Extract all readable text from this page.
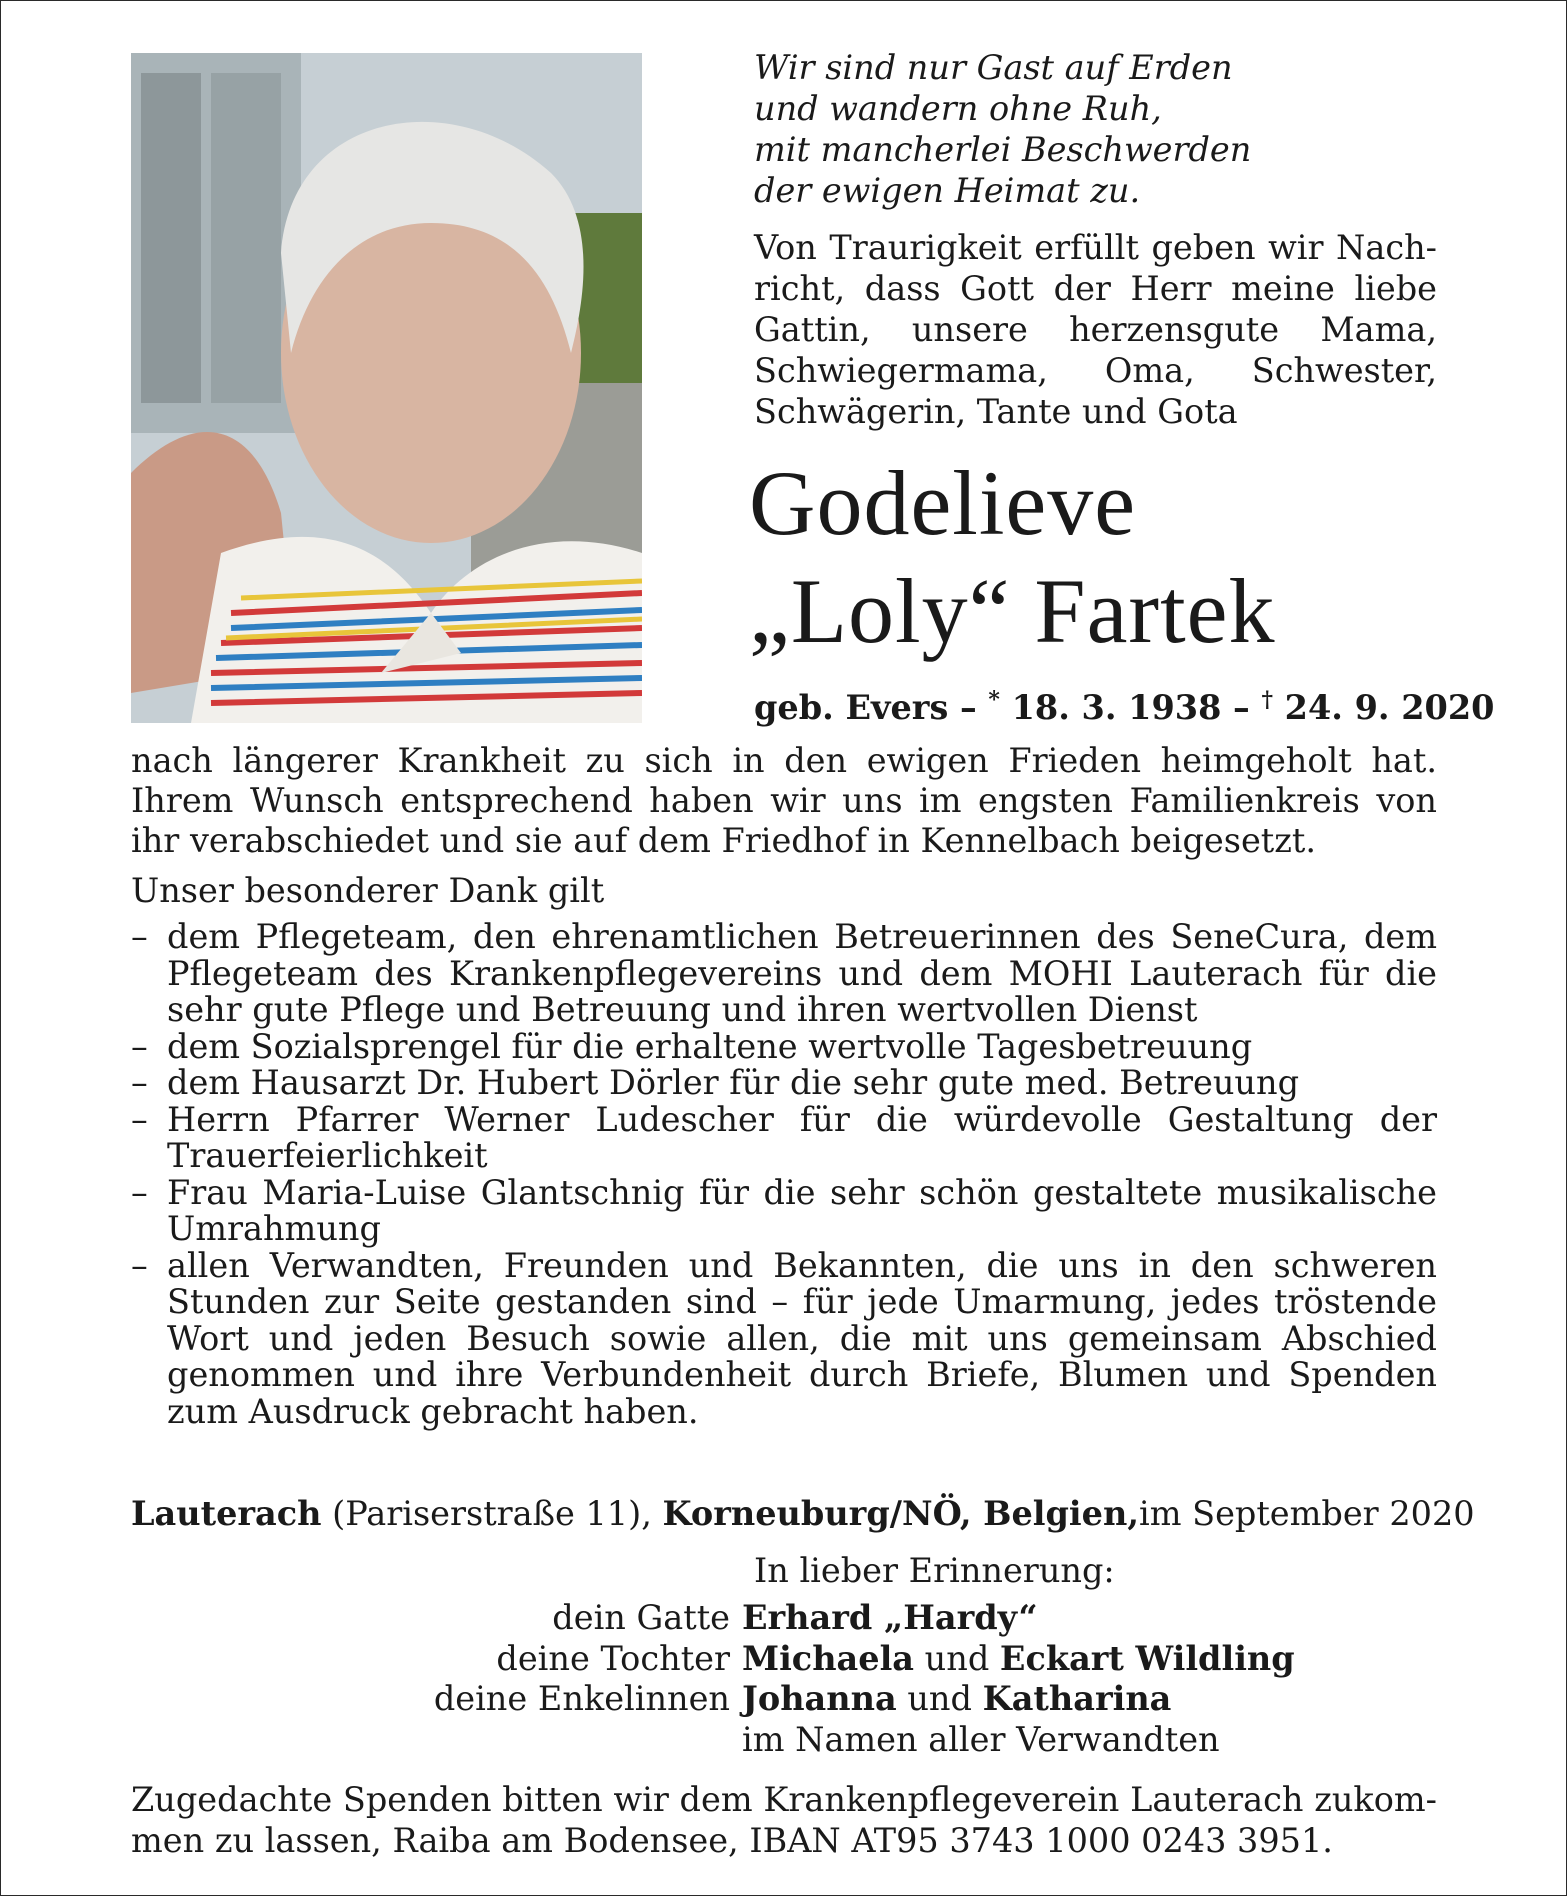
Wir sind nur Gast auf Erden
und wandern ohne Ruh,
mit mancherlei Beschwerden
der ewigen Heimat zu.
Von Traurigkeit erfüllt geben wir Nachricht, dass Gott der Herr meine liebe Gattin, unsere herzensgute Mama, Schwiegermama, Oma, Schwester, Schwägerin, Tante und Gota
Godelieve
„Loly“ Fartek
geb. Evers – * 18. 3. 1938 – † 24. 9. 2020
nach längerer Krankheit zu sich in den ewigen Frieden heimgeholt hat. Ihrem Wunsch entsprechend haben wir uns im engsten Familienkreis von ihr verabschiedet und sie auf dem Friedhof in Kennelbach beigesetzt.
Unser besonderer Dank gilt
– dem Pflegeteam, den ehrenamtlichen Betreuerinnen des SeneCura, dem Pflegeteam des Krankenpflegevereins und dem MOHI Lauterach für die sehr gute Pflege und Betreuung und ihren wertvollen Dienst
– dem Sozialsprengel für die erhaltene wertvolle Tagesbetreuung
– dem Hausarzt Dr. Hubert Dörler für die sehr gute med. Betreuung
– Herrn Pfarrer Werner Ludescher für die würdevolle Gestaltung der Trauerfeierlichkeit
– Frau Maria-Luise Glantschnig für die sehr schön gestaltete musikalische Umrahmung
– allen Verwandten, Freunden und Bekannten, die uns in den schweren Stunden zur Seite gestanden sind – für jede Umarmung, jedes tröstende Wort und jeden Besuch sowie allen, die mit uns gemeinsam Abschied genommen und ihre Verbundenheit durch Briefe, Blumen und Spenden zum Ausdruck gebracht haben.
Lauterach (Pariserstraße 11), Korneuburg/NÖ, Belgien, im September 2020
In lieber Erinnerung:
dein Gatte Erhard „Hardy“
deine Tochter Michaela und Eckart Wildling
deine Enkelinnen Johanna und Katharina
im Namen aller Verwandten
Zugedachte Spenden bitten wir dem Krankenpflegeverein Lauterach zukommen zu lassen, Raiba am Bodensee, IBAN AT95 3743 1000 0243 3951.
